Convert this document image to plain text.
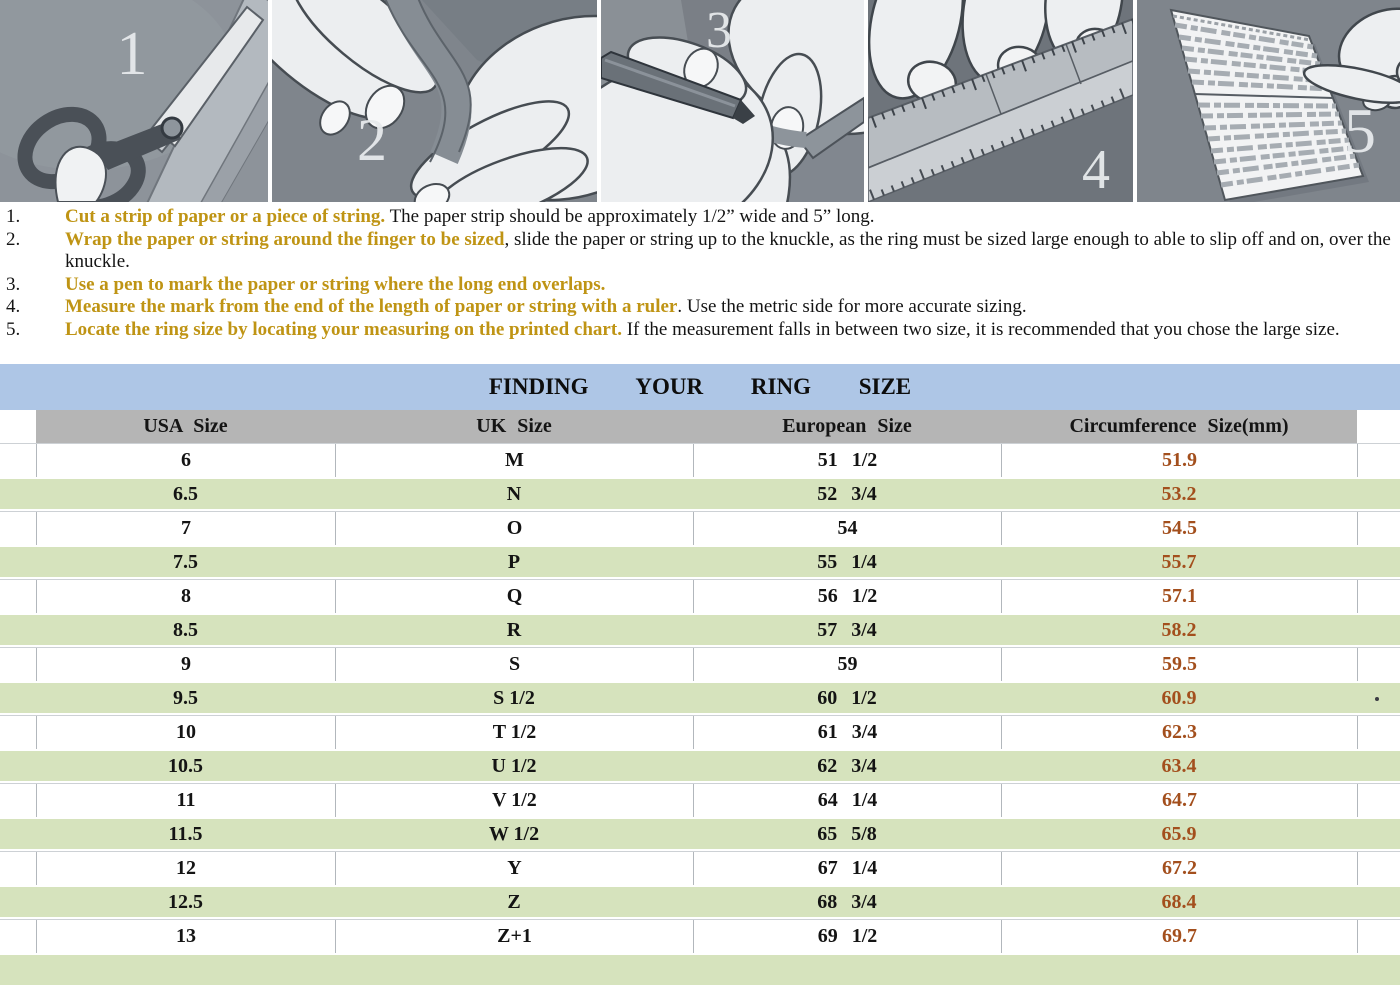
1
2
3
4
5
1. Cut a strip of paper or a piece of string. The paper strip should be approximately 1/2” wide and 5” long.
2. Wrap the paper or string around the finger to be sized, slide the paper or string up to the knuckle, as the ring must be sized large enough to able to slip off and on, over the knuckle.
3. Use a pen to mark the paper or string where the long end overlaps.
4. Measure the mark from the end of the length of paper or string with a ruler. Use the metric side for more accurate sizing.
5. Locate the ring size by locating your measuring on the printed chart. If the measurement falls in between two size, it is recommended that you chose the large size.
FINDING YOUR RING SIZE
USA Size	UK Size	European Size	Circumference Size(mm)
6	M	51 1/2	51.9
6.5	N	52 3/4	53.2
7	O	54	54.5
7.5	P	55 1/4	55.7
8	Q	56 1/2	57.1
8.5	R	57 3/4	58.2
9	S	59	59.5
9.5	S 1/2	60 1/2	60.9
10	T 1/2	61 3/4	62.3
10.5	U 1/2	62 3/4	63.4
11	V 1/2	64 1/4	64.7
11.5	W 1/2	65 5/8	65.9
12	Y	67 1/4	67.2
12.5	Z	68 3/4	68.4
13	Z+1	69 1/2	69.7
